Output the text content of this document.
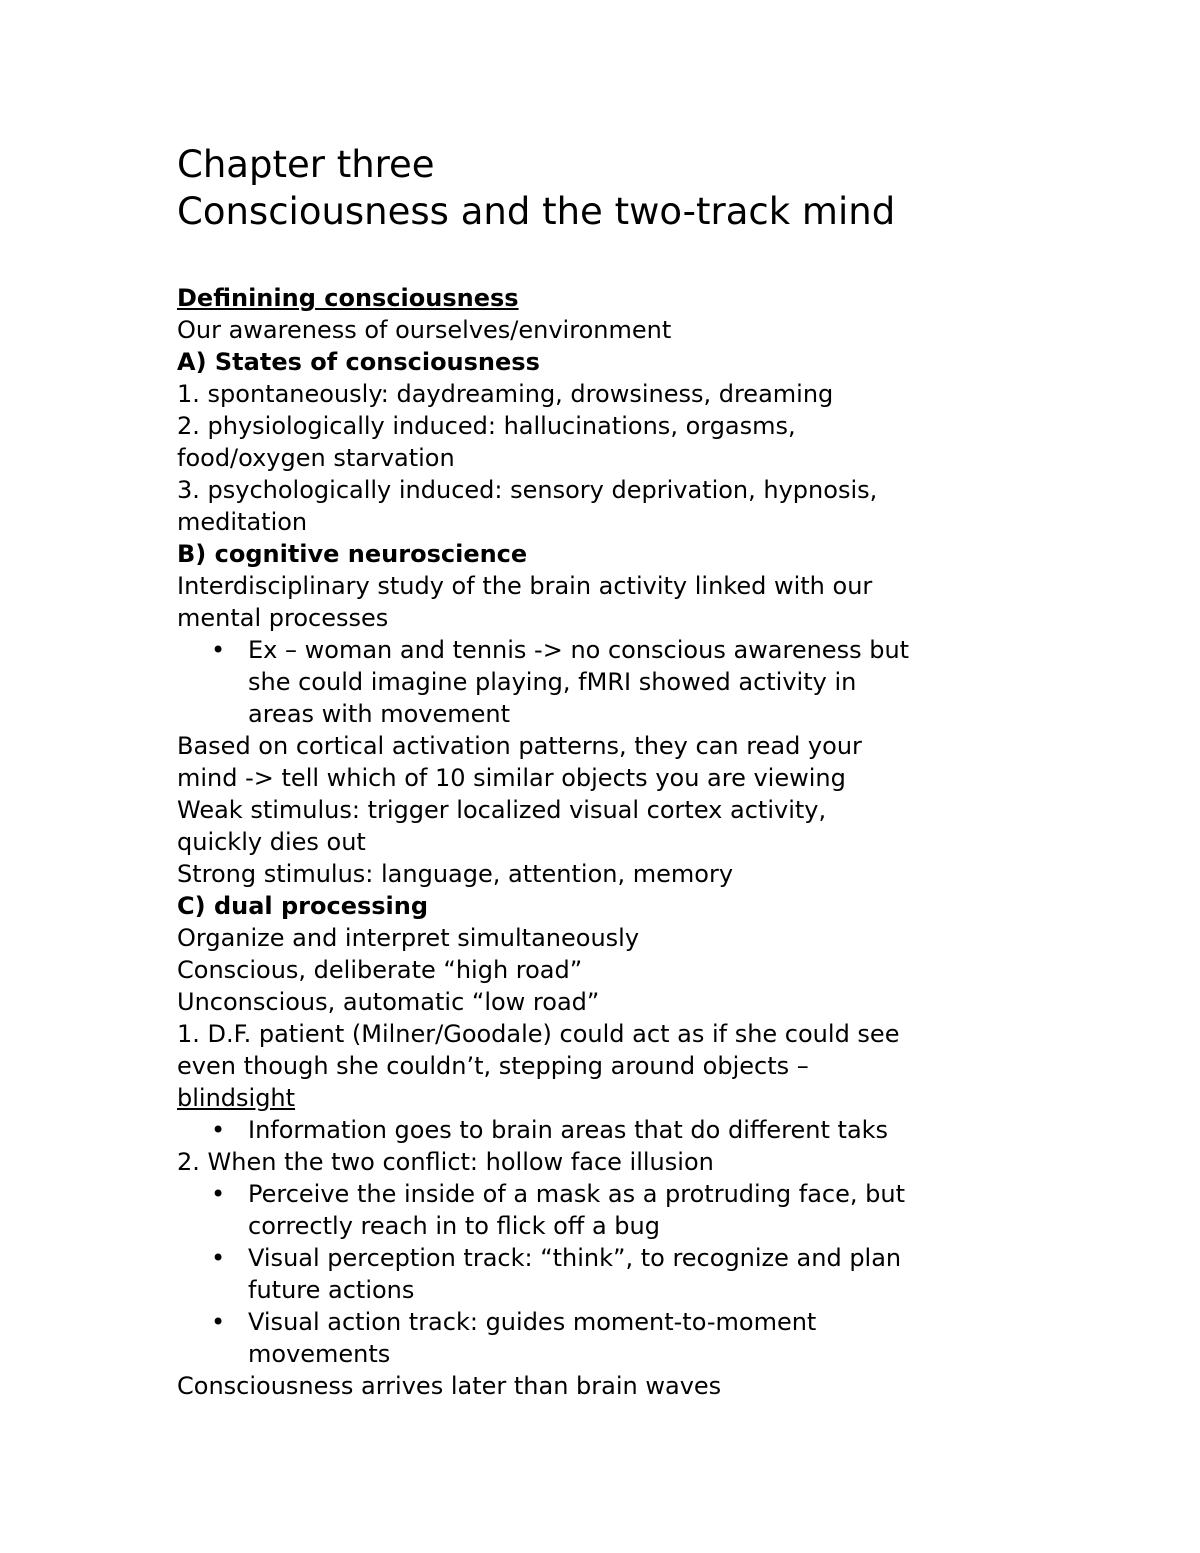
Chapter three
Consciousness and the two-track mind
Definining consciousness
Our awareness of ourselves/environment
A) States of consciousness
1. spontaneously: daydreaming, drowsiness, dreaming
2. physiologically induced: hallucinations, orgasms,
food/oxygen starvation
3. psychologically induced: sensory deprivation, hypnosis,
meditation
B) cognitive neuroscience
Interdisciplinary study of the brain activity linked with our
mental processes
• Ex – woman and tennis -> no conscious awareness but
she could imagine playing, fMRI showed activity in
areas with movement
Based on cortical activation patterns, they can read your
mind -> tell which of 10 similar objects you are viewing
Weak stimulus: trigger localized visual cortex activity,
quickly dies out
Strong stimulus: language, attention, memory
C) dual processing
Organize and interpret simultaneously
Conscious, deliberate “high road”
Unconscious, automatic “low road”
1. D.F. patient (Milner/Goodale) could act as if she could see
even though she couldn’t, stepping around objects –
blindsight
• Information goes to brain areas that do different taks
2. When the two conflict: hollow face illusion
• Perceive the inside of a mask as a protruding face, but
correctly reach in to flick off a bug
• Visual perception track: “think”, to recognize and plan
future actions
• Visual action track: guides moment-to-moment
movements
Consciousness arrives later than brain waves
